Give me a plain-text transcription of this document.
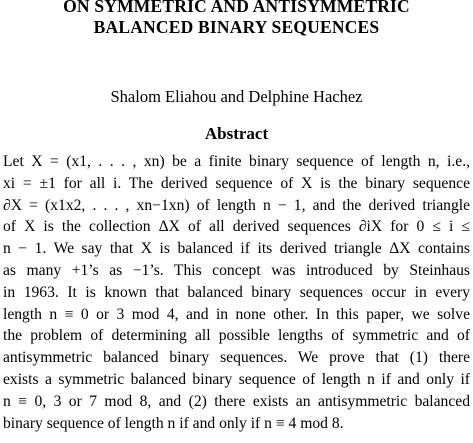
ON SYMMETRIC AND ANTISYMMETRIC
BALANCED BINARY SEQUENCES
Shalom Eliahou and Delphine Hachez
Abstract
Let X = (x1, . . . , xn) be a finite binary sequence of length n, i.e.,
xi = ±1 for all i. The derived sequence of X is the binary sequence
∂X = (x1x2, . . . , xn−1xn) of length n − 1, and the derived triangle
of X is the collection ΔX of all derived sequences ∂iX for 0 ≤ i ≤
n − 1. We say that X is balanced if its derived triangle ΔX contains
as many +1’s as −1’s. This concept was introduced by Steinhaus
in 1963. It is known that balanced binary sequences occur in every
length n ≡ 0 or 3 mod 4, and in none other. In this paper, we solve
the problem of determining all possible lengths of symmetric and of
antisymmetric balanced binary sequences. We prove that (1) there
exists a symmetric balanced binary sequence of length n if and only if
n ≡ 0, 3 or 7 mod 8, and (2) there exists an antisymmetric balanced
binary sequence of length n if and only if n ≡ 4 mod 8.
